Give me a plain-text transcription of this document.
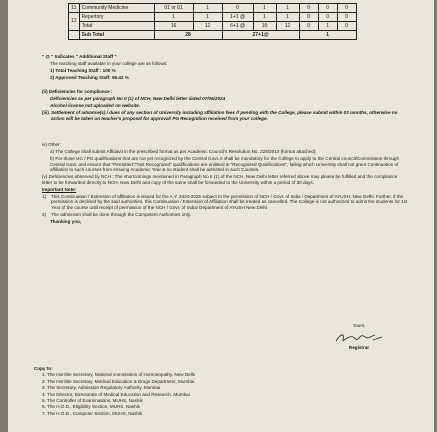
11	Community Medicine	01 or 01	1	0	1	1	0	0	0
12	Repertory	1	1	1+1 @	1	1	0	0	0
	Total	16	12	6+1 @	10	12	0	1	0
	Sub Total	28		27+1@			1		
" @ " Indicates " Additional Staff "
The teaching staff available in your college are as follows;
1) Total Teaching Staff : 100 %
2) Approved Teaching Staff: 96.42 %
(ii) Deficiencies for compliance :
Deficiencies as per paragraph No II (1) of NCH, New Delhi letter dated 07/06/2024
Alcohol license not uploaded on website.
(iii) Settlement of advance(s) / dues of any section of University including affiliation fees if pending with the College, please submit within 03 months, otherwise no action will be taken on teacher's proposal for approval/ PG Recognition received from your college.
iv) Other:
a) The College shall submit Affidavit in the prescribed format as per Academic Council's Resolution No. 229/2013 (format attached).
b) For those UG / PG qualifications that are not yet recognized by the Central Govt.,it shall be mandatory for the College to apply to the Central council/Commission through Central Govt. and ensure that "Permitted"/"Not Recognized" qualifications are enlisted in "Recognized Qualifications", failing which University shall not grant Continuation of affiliation to such courses from ensuing Academic Year & no student shall be admitted in such Courses.
(v) Deficiencies observed by NCH : The shortcomings mentioned in Paragraph No II (1) of the NCH, New Delhi letter referred above may please be fulfilled and the compliance letter to be forwarded directly to NCH, New Delhi and copy of the same shall be forwarded to the University within a period of 30 days.
Important Note:
1)	This Continuation / Extension of affiliation is issued for the A.Y. 2024-2025 subject to the permission of NCH / Govt. of India / Department of AYUSH, New Delhi. Further, if the permission is declined by the said authorities, this Continuation / Extension of Affiliation shall be treated as cancelled. The College is not authorized to admit the students for 1st Year of the course until receipt of permission of the NCH / Govt. of India/ Department of AYUSH New Delhi
2)	The admission shall be done through the Competent Authorities only.
Thanking you,
Yours,
Registrar
Copy to:
1. The Hon'ble Secretary, National commission of Homoeopathy, New Delhi
2. The Hon'ble Secretary, Medical Education & Drugs Department, Mumbai
3. The Secretary, Admission Regulatory Authority, Mumbai
4. The Director, Directorate of Medical Education and Research, Mumbai
5. The Controller of Examinations, MUHS, Nashik
6. The H.O.D., Eligibility Section, MUHS, Nashik
7. The H.O.D., Computer Section, MUHS, Nashik
